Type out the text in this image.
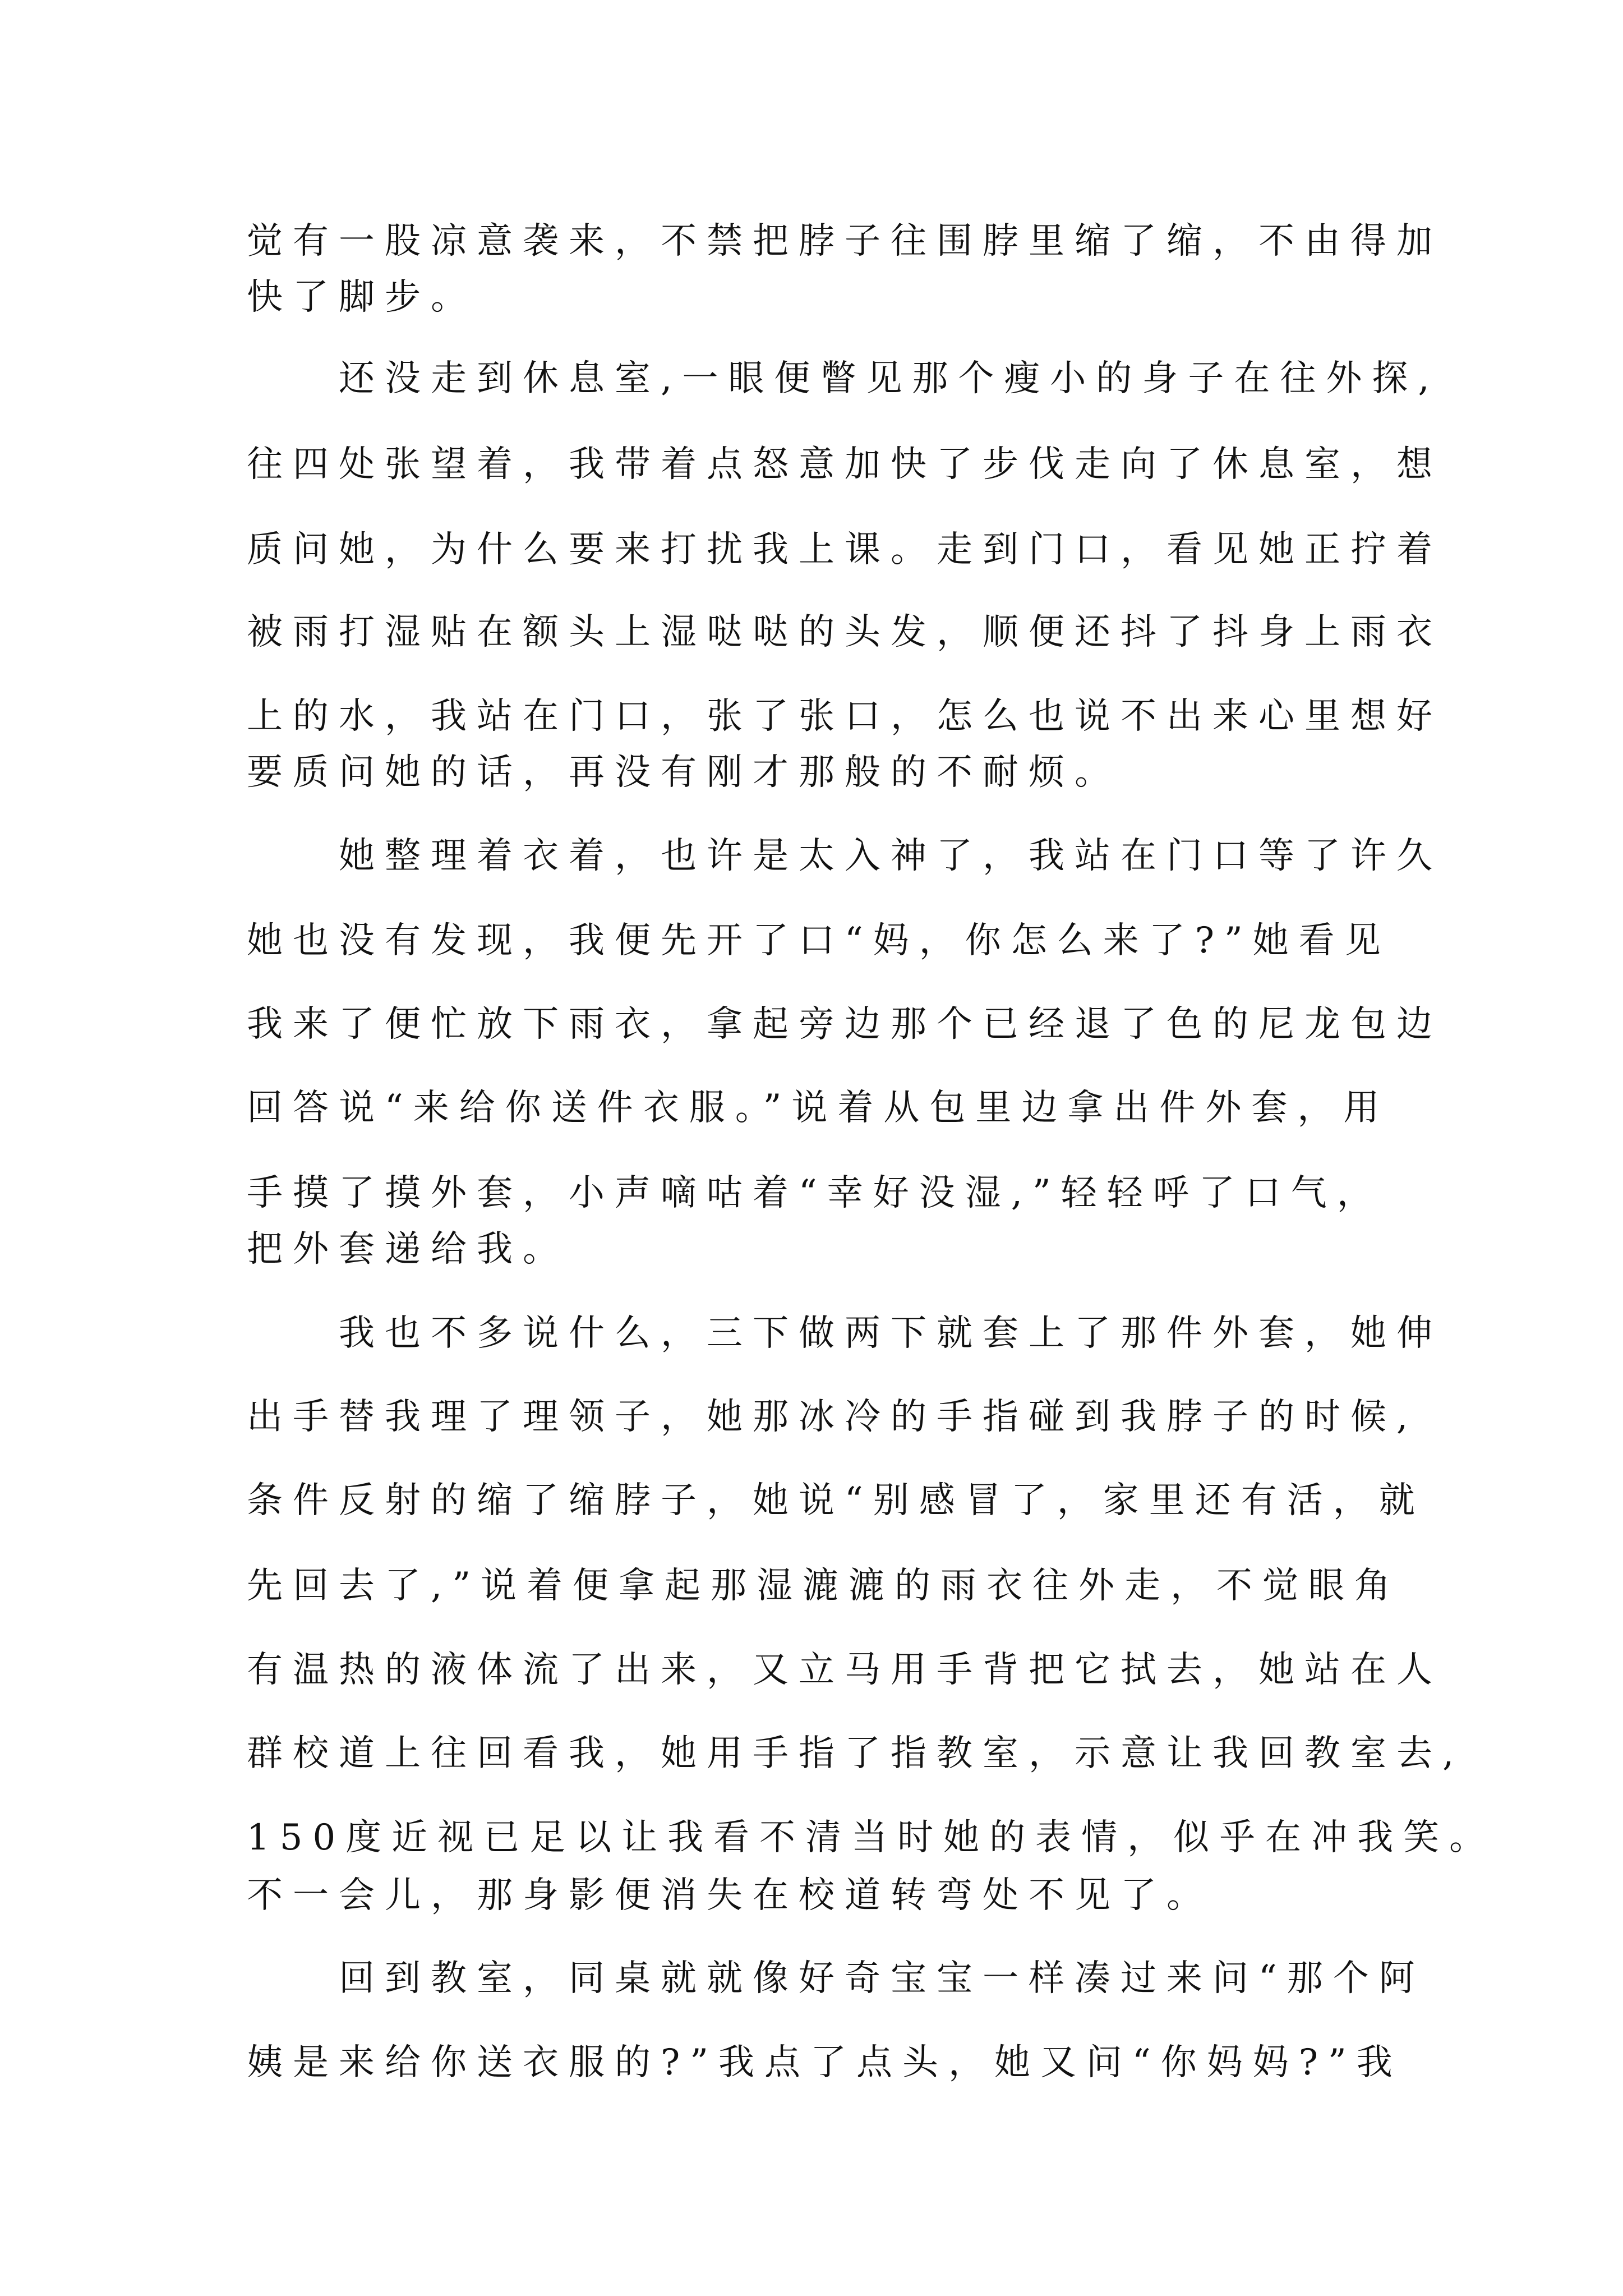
觉有一股凉意袭来，不禁把脖子往围脖里缩了缩，不由得加
快了脚步。
还没走到休息室,一眼便瞥见那个瘦小的身子在往外探,
往四处张望着，我带着点怒意加快了步伐走向了休息室，想
质问她，为什么要来打扰我上课。走到门口，看见她正拧着
被雨打湿贴在额头上湿哒哒的头发，顺便还抖了抖身上雨衣
上的水，我站在门口，张了张口，怎么也说不出来心里想好
要质问她的话，再没有刚才那般的不耐烦。
她整理着衣着，也许是太入神了，我站在门口等了许久
她也没有发现，我便先开了口“妈，你怎么来了?”她看见
我来了便忙放下雨衣，拿起旁边那个已经退了色的尼龙包边
回答说“来给你送件衣服。”说着从包里边拿出件外套，用
手摸了摸外套，小声嘀咕着“幸好没湿,”轻轻呼了口气，
把外套递给我。
我也不多说什么，三下做两下就套上了那件外套，她伸
出手替我理了理领子，她那冰冷的手指碰到我脖子的时候,
条件反射的缩了缩脖子，她说“别感冒了，家里还有活，就
先回去了,”说着便拿起那湿漉漉的雨衣往外走，不觉眼角
有温热的液体流了出来，又立马用手背把它拭去，她站在人
群校道上往回看我，她用手指了指教室，示意让我回教室去,
150度近视已足以让我看不清当时她的表情，似乎在冲我笑。
不一会儿，那身影便消失在校道转弯处不见了。
回到教室，同桌就就像好奇宝宝一样凑过来问“那个阿
姨是来给你送衣服的?”我点了点头，她又问“你妈妈?”我
